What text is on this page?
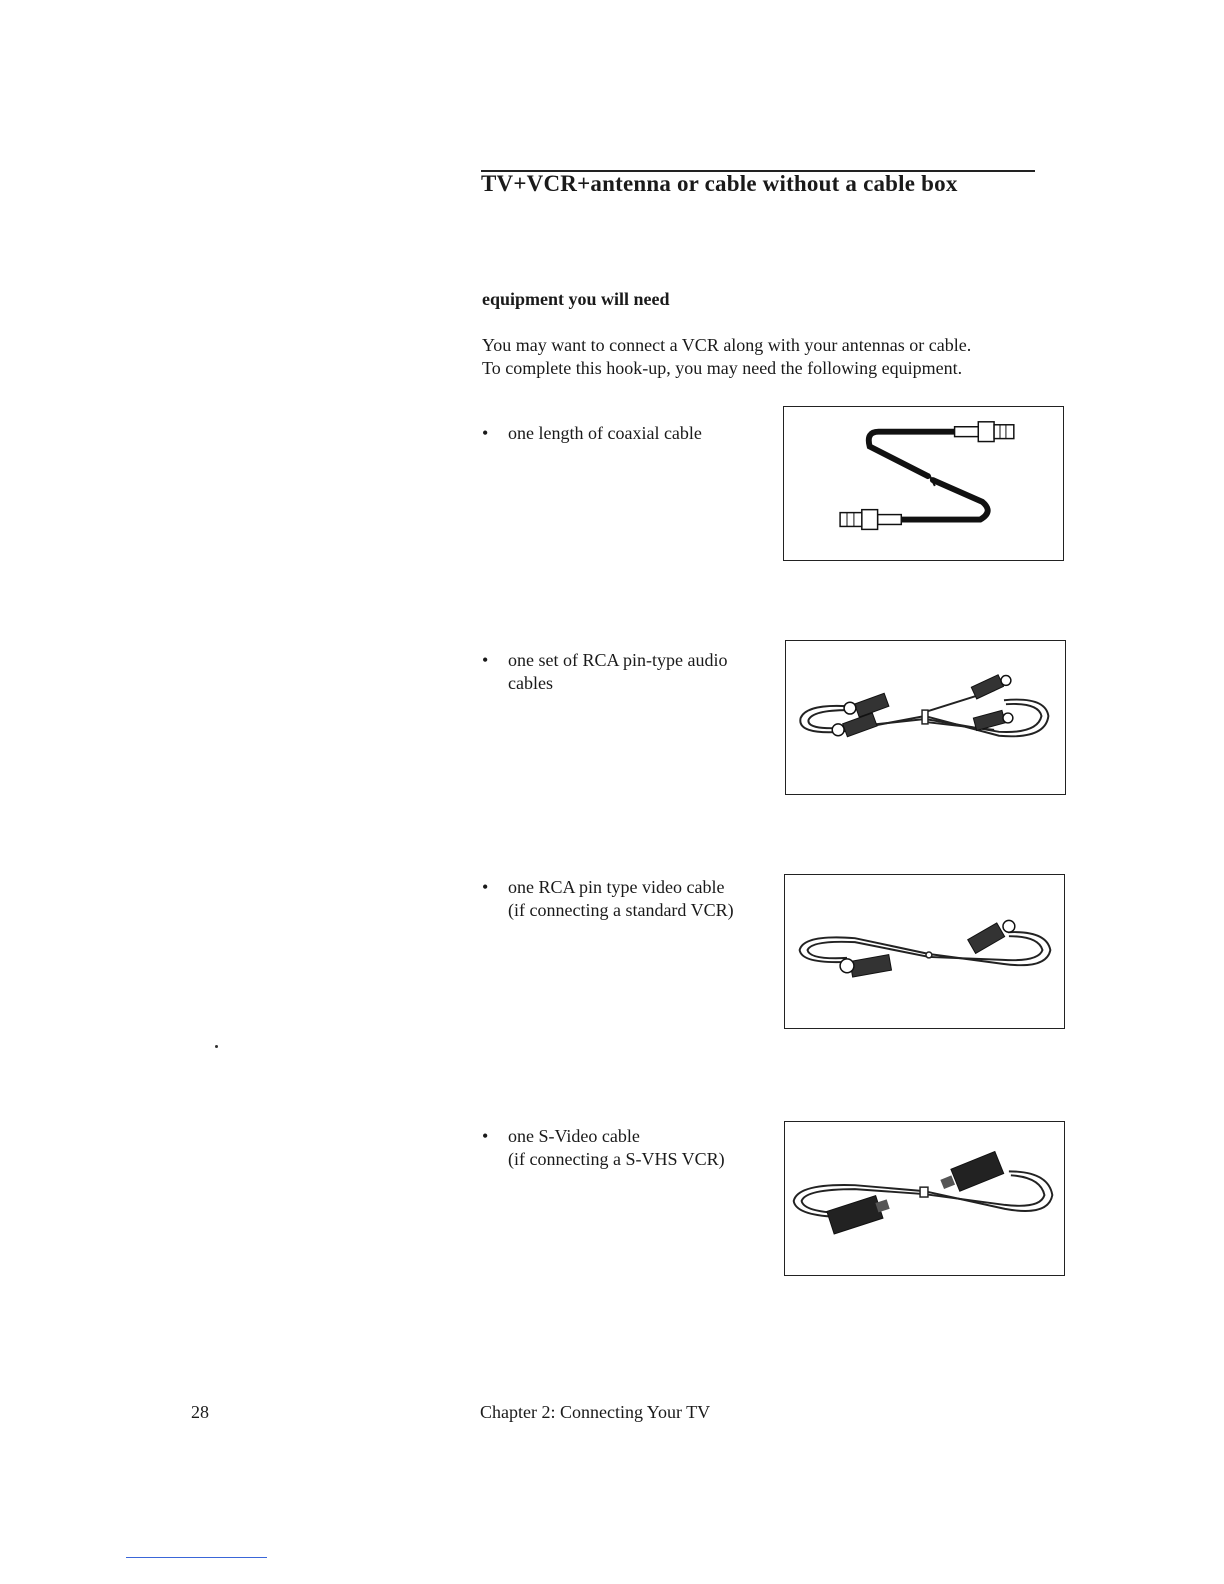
TV+VCR+antenna or cable without a cable box
equipment you will need

You may want to connect a VCR along with your antennas or cable.
To complete this hook-up, you may need the following equipment.

• one length of coaxial cable
• one set of RCA pin-type audio
cables
• one RCA pin type video cable
(if connecting a standard VCR)
• one S-Video cable
(if connecting a S-VHS VCR)
28	Chapter 2: Connecting Your TV
